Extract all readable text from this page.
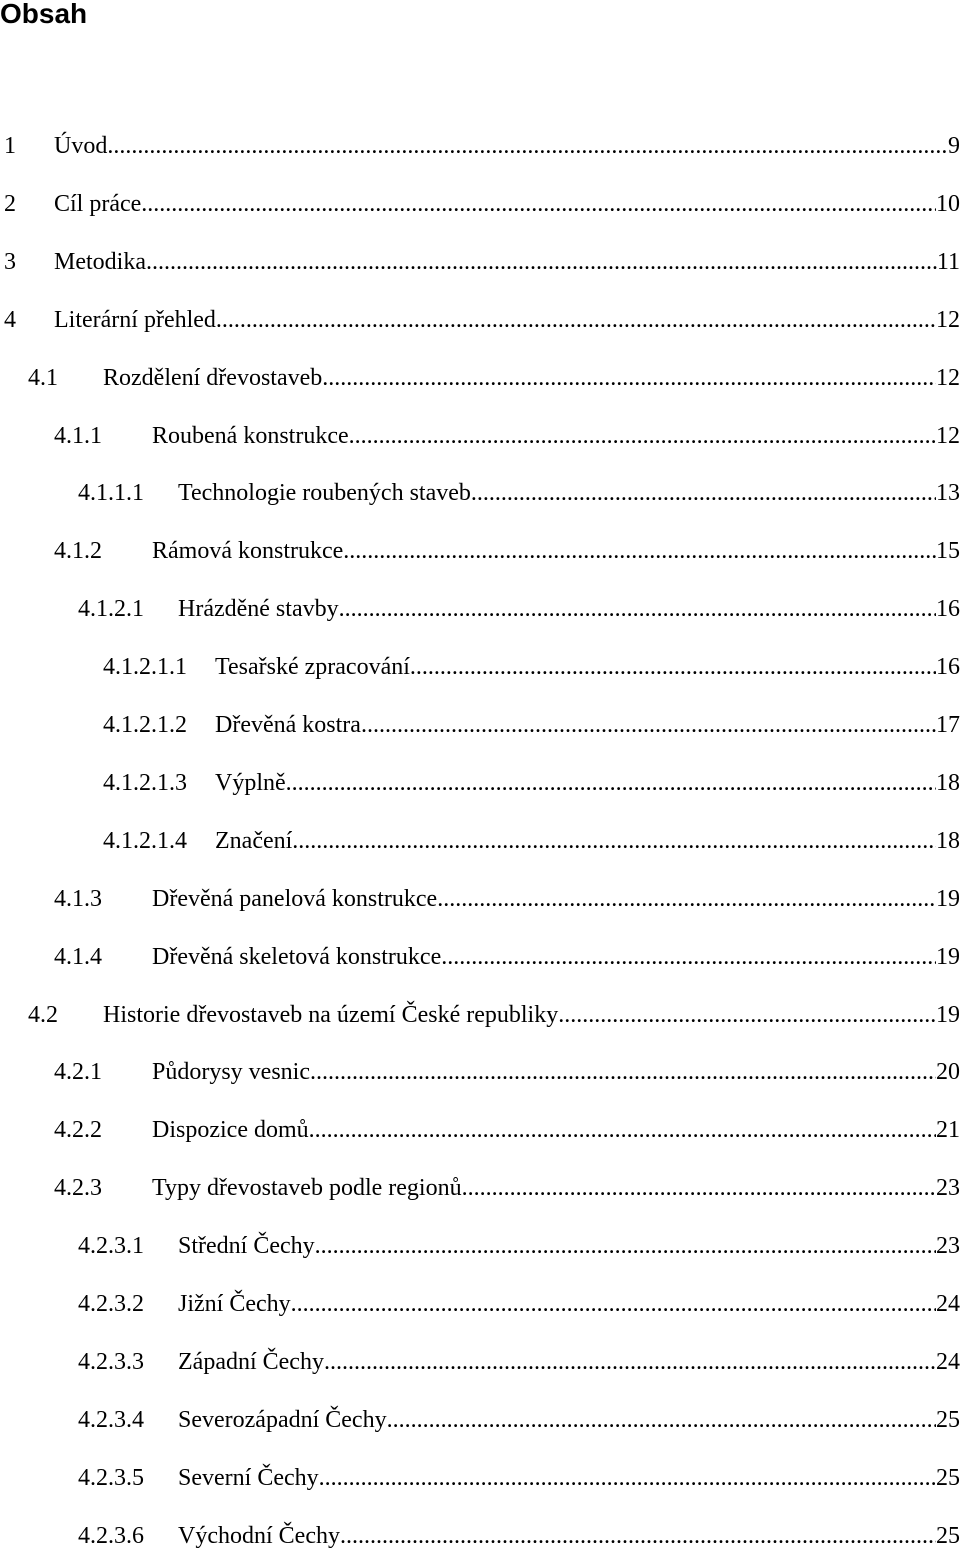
Obsah
1 Úvod .....	9
2 Cíl práce .....	10
3 Metodika .....	11
4 Literární přehled .....	12
4.1 Rozdělení dřevostaveb .....	12
4.1.1 Roubená konstrukce .....	12
4.1.1.1 Technologie roubených staveb .....	13
4.1.2 Rámová konstrukce .....	15
4.1.2.1 Hrázděné stavby .....	16
4.1.2.1.1 Tesařské zpracování .....	16
4.1.2.1.2 Dřevěná kostra .....	17
4.1.2.1.3 Výplně .....	18
4.1.2.1.4 Značení .....	18
4.1.3 Dřevěná panelová konstrukce .....	19
4.1.4 Dřevěná skeletová konstrukce .....	19
4.2 Historie dřevostaveb na území České republiky .....	19
4.2.1 Půdorysy vesnic .....	20
4.2.2 Dispozice domů .....	21
4.2.3 Typy dřevostaveb podle regionů .....	23
4.2.3.1 Střední Čechy .....	23
4.2.3.2 Jižní Čechy .....	24
4.2.3.3 Západní Čechy .....	24
4.2.3.4 Severozápadní Čechy .....	25
4.2.3.5 Severní Čechy .....	25
4.2.3.6 Východní Čechy .....	25
